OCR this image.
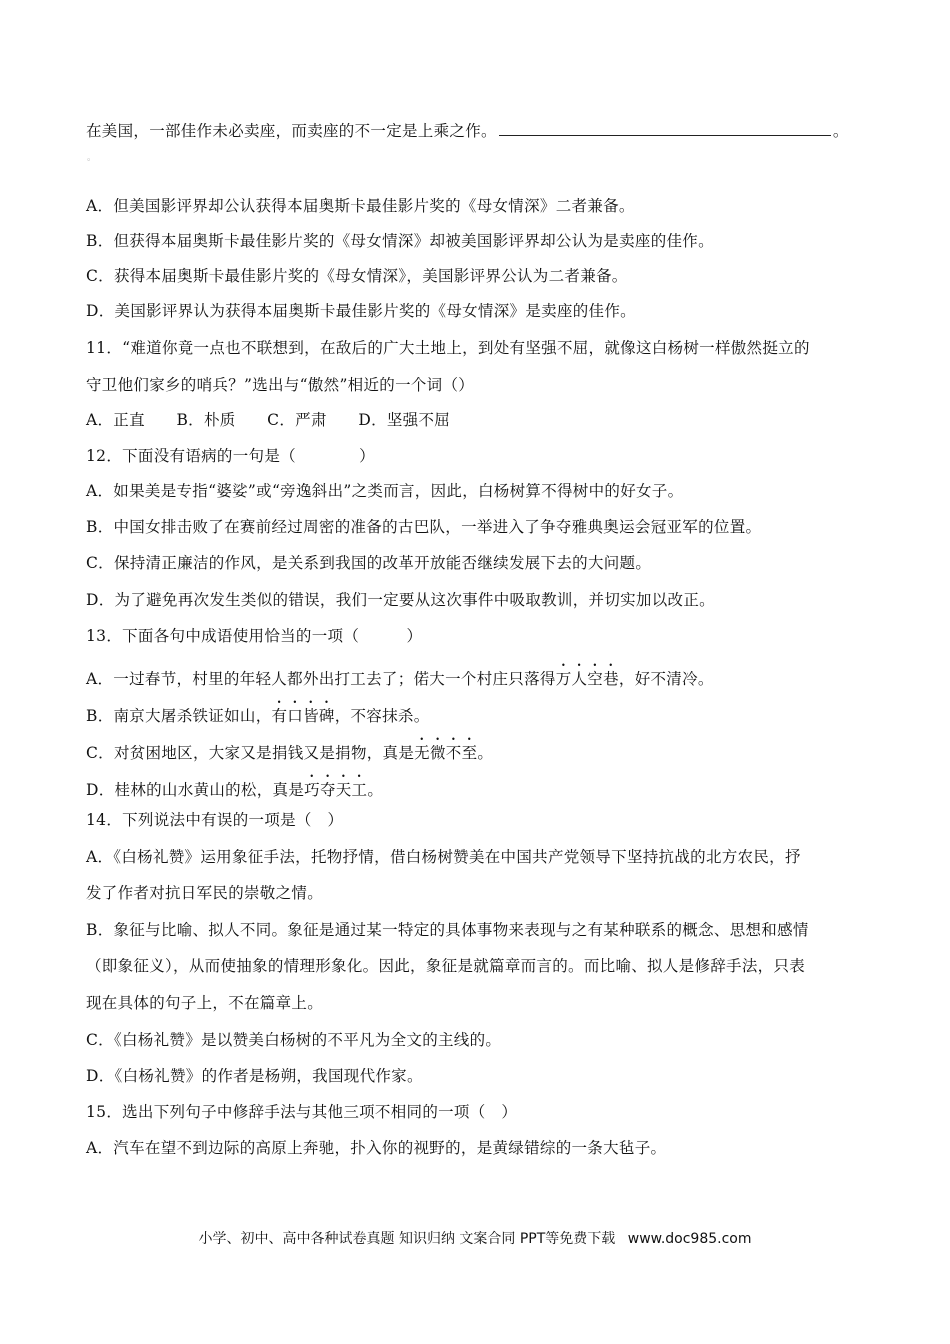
在美国，一部佳作未必卖座，而卖座的不一定是上乘之作。	。
。
A．但美国影评界却公认获得本届奥斯卡最佳影片奖的《母女情深》二者兼备。
B．但获得本届奥斯卡最佳影片奖的《母女情深》却被美国影评界却公认为是卖座的佳作。
C．获得本届奥斯卡最佳影片奖的《母女情深》，美国影评界公认为二者兼备。
D．美国影评界认为获得本届奥斯卡最佳影片奖的《母女情深》是卖座的佳作。
11．“难道你竟一点也不联想到，在敌后的广大土地上，到处有坚强不屈，就像这白杨树一样傲然挺立的
守卫他们家乡的哨兵？”选出与“傲然”相近的一个词（）
A．正直　　B．朴质　　C．严肃　　D．坚强不屈
12．下面没有语病的一句是（　　　　）
A．如果美是专指“婆娑”或“旁逸斜出”之类而言，因此，白杨树算不得树中的好女子。
B．中国女排击败了在赛前经过周密的准备的古巴队，一举进入了争夺雅典奥运会冠亚军的位置。
C．保持清正廉洁的作风，是关系到我国的改革开放能否继续发展下去的大问题。
D．为了避免再次发生类似的错误，我们一定要从这次事件中吸取教训，并切实加以改正。
13．下面各句中成语使用恰当的一项（　　　）
A．一过春节，村里的年轻人都外出打工去了；偌大一个村庄只落得万人空巷，好不清冷。
B．南京大屠杀铁证如山，有口皆碑，不容抹杀。
C．对贫困地区，大家又是捐钱又是捐物，真是无微不至。
D．桂林的山水黄山的松，真是巧夺天工。
14．下列说法中有误的一项是（　）
A．《白杨礼赞》运用象征手法，托物抒情，借白杨树赞美在中国共产党领导下坚持抗战的北方农民，抒
发了作者对抗日军民的崇敬之情。
B．象征与比喻、拟人不同。象征是通过某一特定的具体事物来表现与之有某种联系的概念、思想和感情
（即象征义），从而使抽象的情理形象化。因此，象征是就篇章而言的。而比喻、拟人是修辞手法，只表
现在具体的句子上，不在篇章上。
C．《白杨礼赞》是以赞美白杨树的不平凡为全文的主线的。
D．《白杨礼赞》的作者是杨朔，我国现代作家。
15．选出下列句子中修辞手法与其他三项不相同的一项（　）
A．汽车在望不到边际的高原上奔驰，扑入你的视野的，是黄绿错综的一条大毡子。
小学、初中、高中各种试卷真题 知识归纳 文案合同 PPT等免费下载 www.doc985.com
